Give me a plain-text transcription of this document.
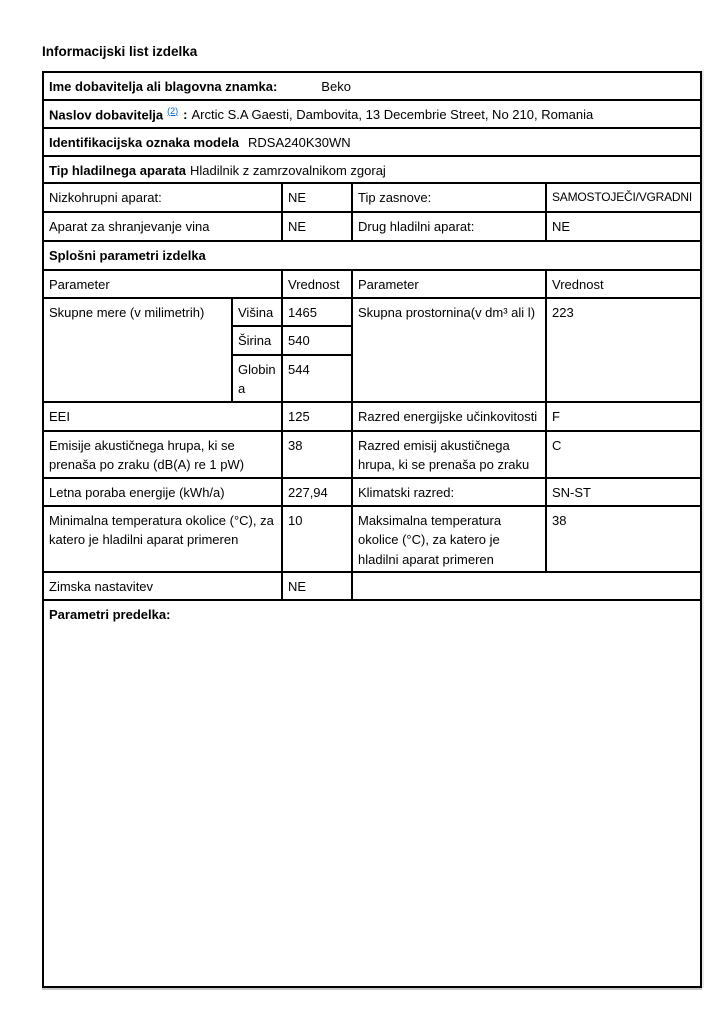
Informacijski list izdelka
Ime dobavitelja ali blagovna znamka: Beko				
Naslov dobavitelja $^{(2)}$ : Arctic S.A Gaesti, Dambovita, 13 Decembrie Street, No 210, Romania				
Identifikacijska oznaka modela RDSA240K30WN				
Tip hladilnega aparata Hladilnik z zamrzovalnikom zgoraj				
Nizkohrupni aparat:		NE	Tip zasnove:	SAMOSTOJEČI/VGRADNI
Aparat za shranjevanje vina		NE	Drug hladilni aparat:	NE
Splošni parametri izdelka				
Parameter		Vrednost	Parameter	Vrednost
Skupne mere (v milimetrih)	Višina	1465	Skupna prostornina(v dm³ ali l)	223
	Širina	540		
	Globina	544		
EEI		125	Razred energijske učinkovitosti	F
Emisije akustičnega hrupa, ki se prenaša po zraku (dB(A) re 1 pW)		38	Razred emisij akustičnega hrupa, ki se prenaša po zraku	C
Letna poraba energije (kWh/a)		227,94	Klimatski razred:	SN-ST
Minimalna temperatura okolice (°C), za katero je hladilni aparat primeren		10	Maksimalna temperatura okolice (°C), za katero je hladilni aparat primeren	38
Zimska nastavitev		NE		
Parametri predelka:				
